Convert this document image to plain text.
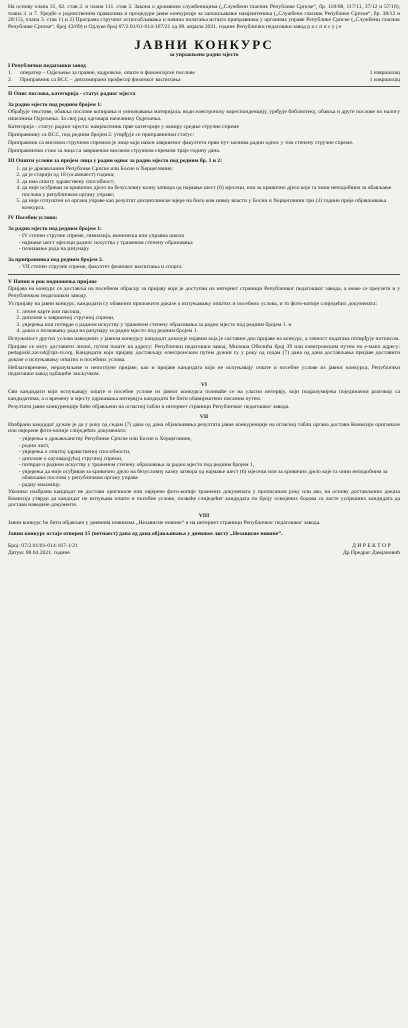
На основу члана 31, 62. став 2. и члана 111. став 3. Закона о државним службеницима („Службени гласник Републике Српске“, бр. 118/08, 117/11, 37/12 и 57/16), члана 3. и 7. Уредбе о јединственим правилима и процедури јавне конкурсије за запошљавање намјештеника („Службени гласник Републике Српске“, бр. 38/12 и 20/15), члана 3. став 1) и 2) Програма стручног оспособљавања и начина полагања испита приправника у органима управе Републике Српске („Службени гласник Републике Српске“, број 43/09) и Одлуке број 07/2.01/01-614-167/21 од 08. априла 2021. године Републички педагошки завод р а с п и с у ј е

ЈАВНИ КОНКУРС
за упражњено радно мјесто
I Републички педагошки завод
1.	оператер – Одјељење за правне, кадровске, опште и финансијске послове	1 извршилац
2.	Приправник са ВСС – дипломирани професор физичког васпитања	1 извршилац
II Опис послова, категорија - статус радног мјеста
За радно мјесто под редним бројем 1:

Обрађује текстове, обавља послове копирања и умножавања материјала, води електронску кореспонденцију, уређује библиотеку, обавља и друге послове по налогу начелника Одјељења. За свој рад одговара начелнику Одјељења.

Категорија - статус радног мјеста: намјештеник прве категорије у оквиру средње стручне спреме

Приправнику са ВСС, под редним бројем 2. утврђује се приправнички статус:

Приправник са високом стручном спремом је лице које након завршеног факултета први пут заснива радни однос у том степену стручне спреме.

Приправнички стаж за лица са завршеном високом стручном спремом траје годину дана.

III Општи услови за пријем лица у радни однос за радно мјесто под редним бр. 1 и 2:
1. да је држављанин Републике Српске или Босне и Херцеговине;
2. да је старији од 18 (осамнаест) година;
3. да има општу здравствену способност;
4. да није осуђиван за кривично дјело на безусловну казну затвора од најмање шест (6) мјесеци, или за кривично дјело које га чини неподобним за обављање послова у републичком органу управе;
5. да није отпуштен из органа управе као резултат дисциплинске мјере на било ком нивоу власти у Босни и Херцеговини три (3) године прије објављивања конкурса.
IV Посебни услови:
За радно мјесто под редним бројем 1:
- IV степен стручне спреме, гимназија, економска или управна школа
- најмање шест мјесеци радног искуства у траженом степену образовања
- познавање рада на рачунару
За приправника под редним бројем 2.
- VII степен стручне спреме, факултет физичког васпитања и спорта
V Начин и рок подношења пријаве

Пријава на конкурс се доставља на посебном обрасцу за пријаву који је доступан на интернет страници Републичког педагошког завода, а може се преузети и у Републичком педагошком заводу.

Уз пријаву на јавни конкурс, кандидати су обавезни приложити доказе о испуњавању општих и посебних услова, и то фото-копије слиједећих докумената:

1. личне карте или пасоша,
2. дипломе о завршеној стручној спреми,
3. увјерења или потврде о радном искуству у траженом степену образовања за радно мјесто под редним бројем 1. и
4. доказ о познавању рада на рачунару за радно мјесто под редним бројем 1.

Испуњеност других услова наведених у јавном конкурсу кандидат доказује изјавом која је саставни дио пријаве на конкурс, а тачност података потврђује потписом.

Пријаве се могу доставити лично, путем поште на адресу: Републички педагошки завод, Милоша Обилића број 39 или електронским путем на е-маил адресу: pedagoski.zavod@rpz-rs.org. Кандидати који пријаву достављају електронским путем дужни су у року од седам (7) дана од дана достављања пријаве доставити доказе о испуњавању општих и посебних услова.

Неблаговремене, неразумљиве и непотпуне пријаве, као и пријаве кандидата који не испуњавају опште и посебне услове из јавног конкурса, Републички педагошки завод одбациће закључком.

VI

Сви кандидати који испуњавају опште и посебне услове из јавног конкурса позиваће се на уласни интервју, који подразумијева појединачни разговор са кандидатима, а о времену и мјесту одржавања интервјуа кандидати ће бити обавијештени писаним путем.

Резултати јавне конкуренције биће објављени на огласној табли и интернет страници Републичког педагошког завода.

VII

Изабрани кандидат дужан је да у року од седам (7) дана од дана објављивања резултата јавне конкуренције на огласној табли органа достави Комисији оригинале или овјерене фото-копије слиједећих докумената:

- увјерења о држављанству Републике Српске или Босне и Херцеговине,
- родни лист,
- увјерења о општој здравственој способности,
- дипломе о одговарајућој стручној спреми,
- потврде о радном искуству у траженом степену образовања за радно мјесто под редним бројем 1,
- увјерења да није осуђиван за кривично дјело на безусловну казну затвора од најмање шест (6) мјесеци или за кривично дјело које га чини неподобним за обављање послова у републичком органу управе
- радну књижицу.

Уколико изабрани кандидат не достави оригинале или овјерене фото-копије тражених докумената у прописаном року или ако, на основу достављених доказа Комисија утврди да кандидат не испуњава опште и посебне услове, позваће слиједећег кандидата по броју освојених бодова са листе успјешних кандидата да достави наведене документе.

VIII

Јавни конкурс ће бити објављен у дневним новинама „Независне новине“ и на интернет страници Републичког педагошког завода.

Јавни конкурс остаје отворен 15 (петнаест) дана од дана објављивања у дневном листу „Независне новине“.

Број: 07/2.01/01-614-167-1/21
Датум: 08.04.2021. године
Д И Р Е К Т О Р
Др Предраг Дамјановић
